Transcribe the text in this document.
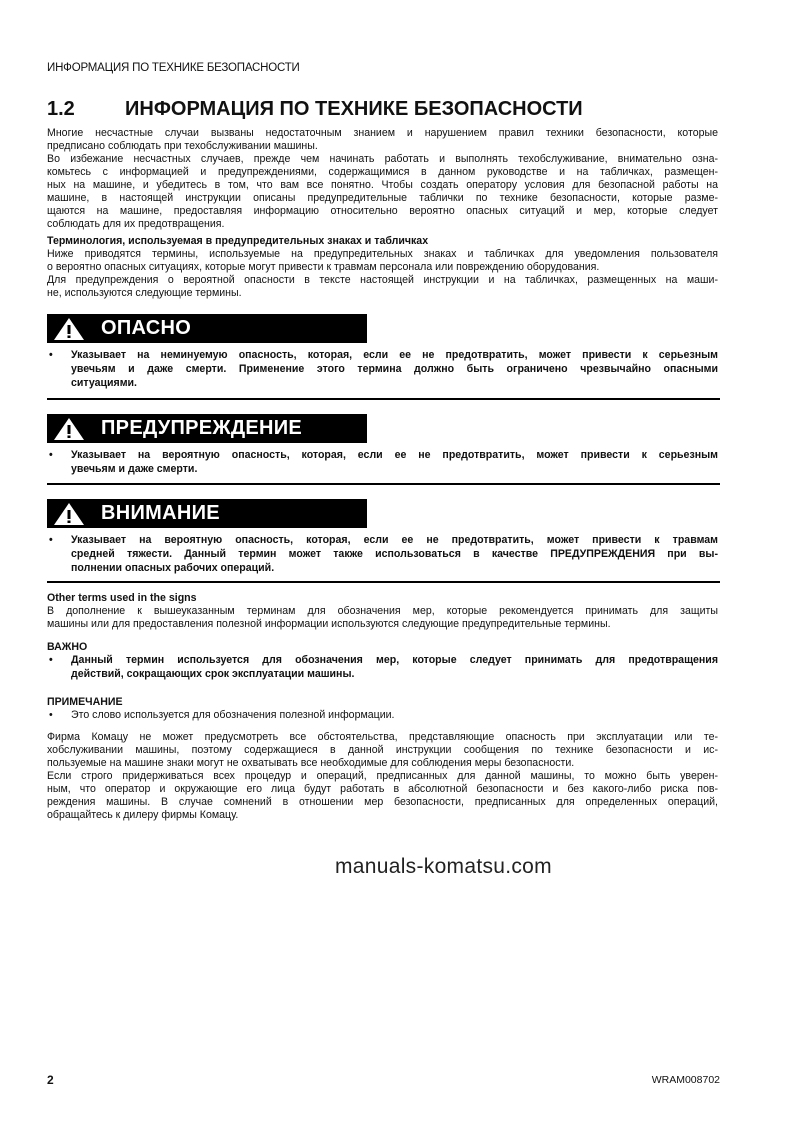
ИНФОРМАЦИЯ ПО ТЕХНИКЕ БЕЗОПАСНОСТИ
1.2	ИНФОРМАЦИЯ ПО ТЕХНИКЕ БЕЗОПАСНОСТИ
Многие несчастные случаи вызваны недостаточным знанием и нарушением правил техники безопасности, которые
предписано соблюдать при техобслуживании машины.
Во избежание несчастных случаев, прежде чем начинать работать и выполнять техобслуживание, внимательно озна-
комьтесь с информацией и предупреждениями, содержащимися в данном руководстве и на табличках, размещен-
ных на машине, и убедитесь в том, что вам все понятно. Чтобы создать оператору условия для безопасной работы на
машине, в настоящей инструкции описаны предупредительные таблички по технике безопасности, которые разме-
щаются на машине, предоставляя информацию относительно вероятно опасных ситуаций и мер, которые следует
соблюдать для их предотвращения.
Терминология, используемая в предупредительных знаках и табличках
Ниже приводятся термины, используемые на предупредительных знаках и табличках для уведомления пользователя
о вероятно опасных ситуациях, которые могут привести к травмам персонала или повреждению оборудования.
Для предупреждения о вероятной опасности в тексте настоящей инструкции и на табличках, размещенных на маши-
не, используются следующие термины.
ОПАСНО
• Указывает на неминуемую опасность, которая, если ее не предотвратить, может привести к серьезным
увечьям и даже смерти. Применение этого термина должно быть ограничено чрезвычайно опасными
ситуациями.
ПРЕДУПРЕЖДЕНИЕ
• Указывает на вероятную опасность, которая, если ее не предотвратить, может привести к серьезным
увечьям и даже смерти.
ВНИМАНИЕ
• Указывает на вероятную опасность, которая, если ее не предотвратить, может привести к травмам
средней тяжести. Данный термин может также использоваться в качестве ПРЕДУПРЕЖДЕНИЯ при вы-
полнении опасных рабочих операций.
Other terms used in the signs
В дополнение к вышеуказанным терминам для обозначения мер, которые рекомендуется принимать для защиты
машины или для предоставления полезной информации используются следующие предупредительные термины.
ВАЖНО
• Данный термин используется для обозначения мер, которые следует принимать для предотвращения
действий, сокращающих срок эксплуатации машины.
ПРИМЕЧАНИЕ
• Это слово используется для обозначения полезной информации.
Фирма Комацу не может предусмотреть все обстоятельства, представляющие опасность при эксплуатации или те-
хобслуживании машины, поэтому содержащиеся в данной инструкции сообщения по технике безопасности и ис-
пользуемые на машине знаки могут не охватывать все необходимые для соблюдения меры безопасности.
Если строго придерживаться всех процедур и операций, предписанных для данной машины, то можно быть уверен-
ным, что оператор и окружающие его лица будут работать в абсолютной безопасности и без какого-либо риска пов-
реждения машины. В случае сомнений в отношении мер безопасности, предписанных для определенных операций,
обращайтесь к дилеру фирмы Комацу.
manuals-komatsu.com
2	WRAM008702
